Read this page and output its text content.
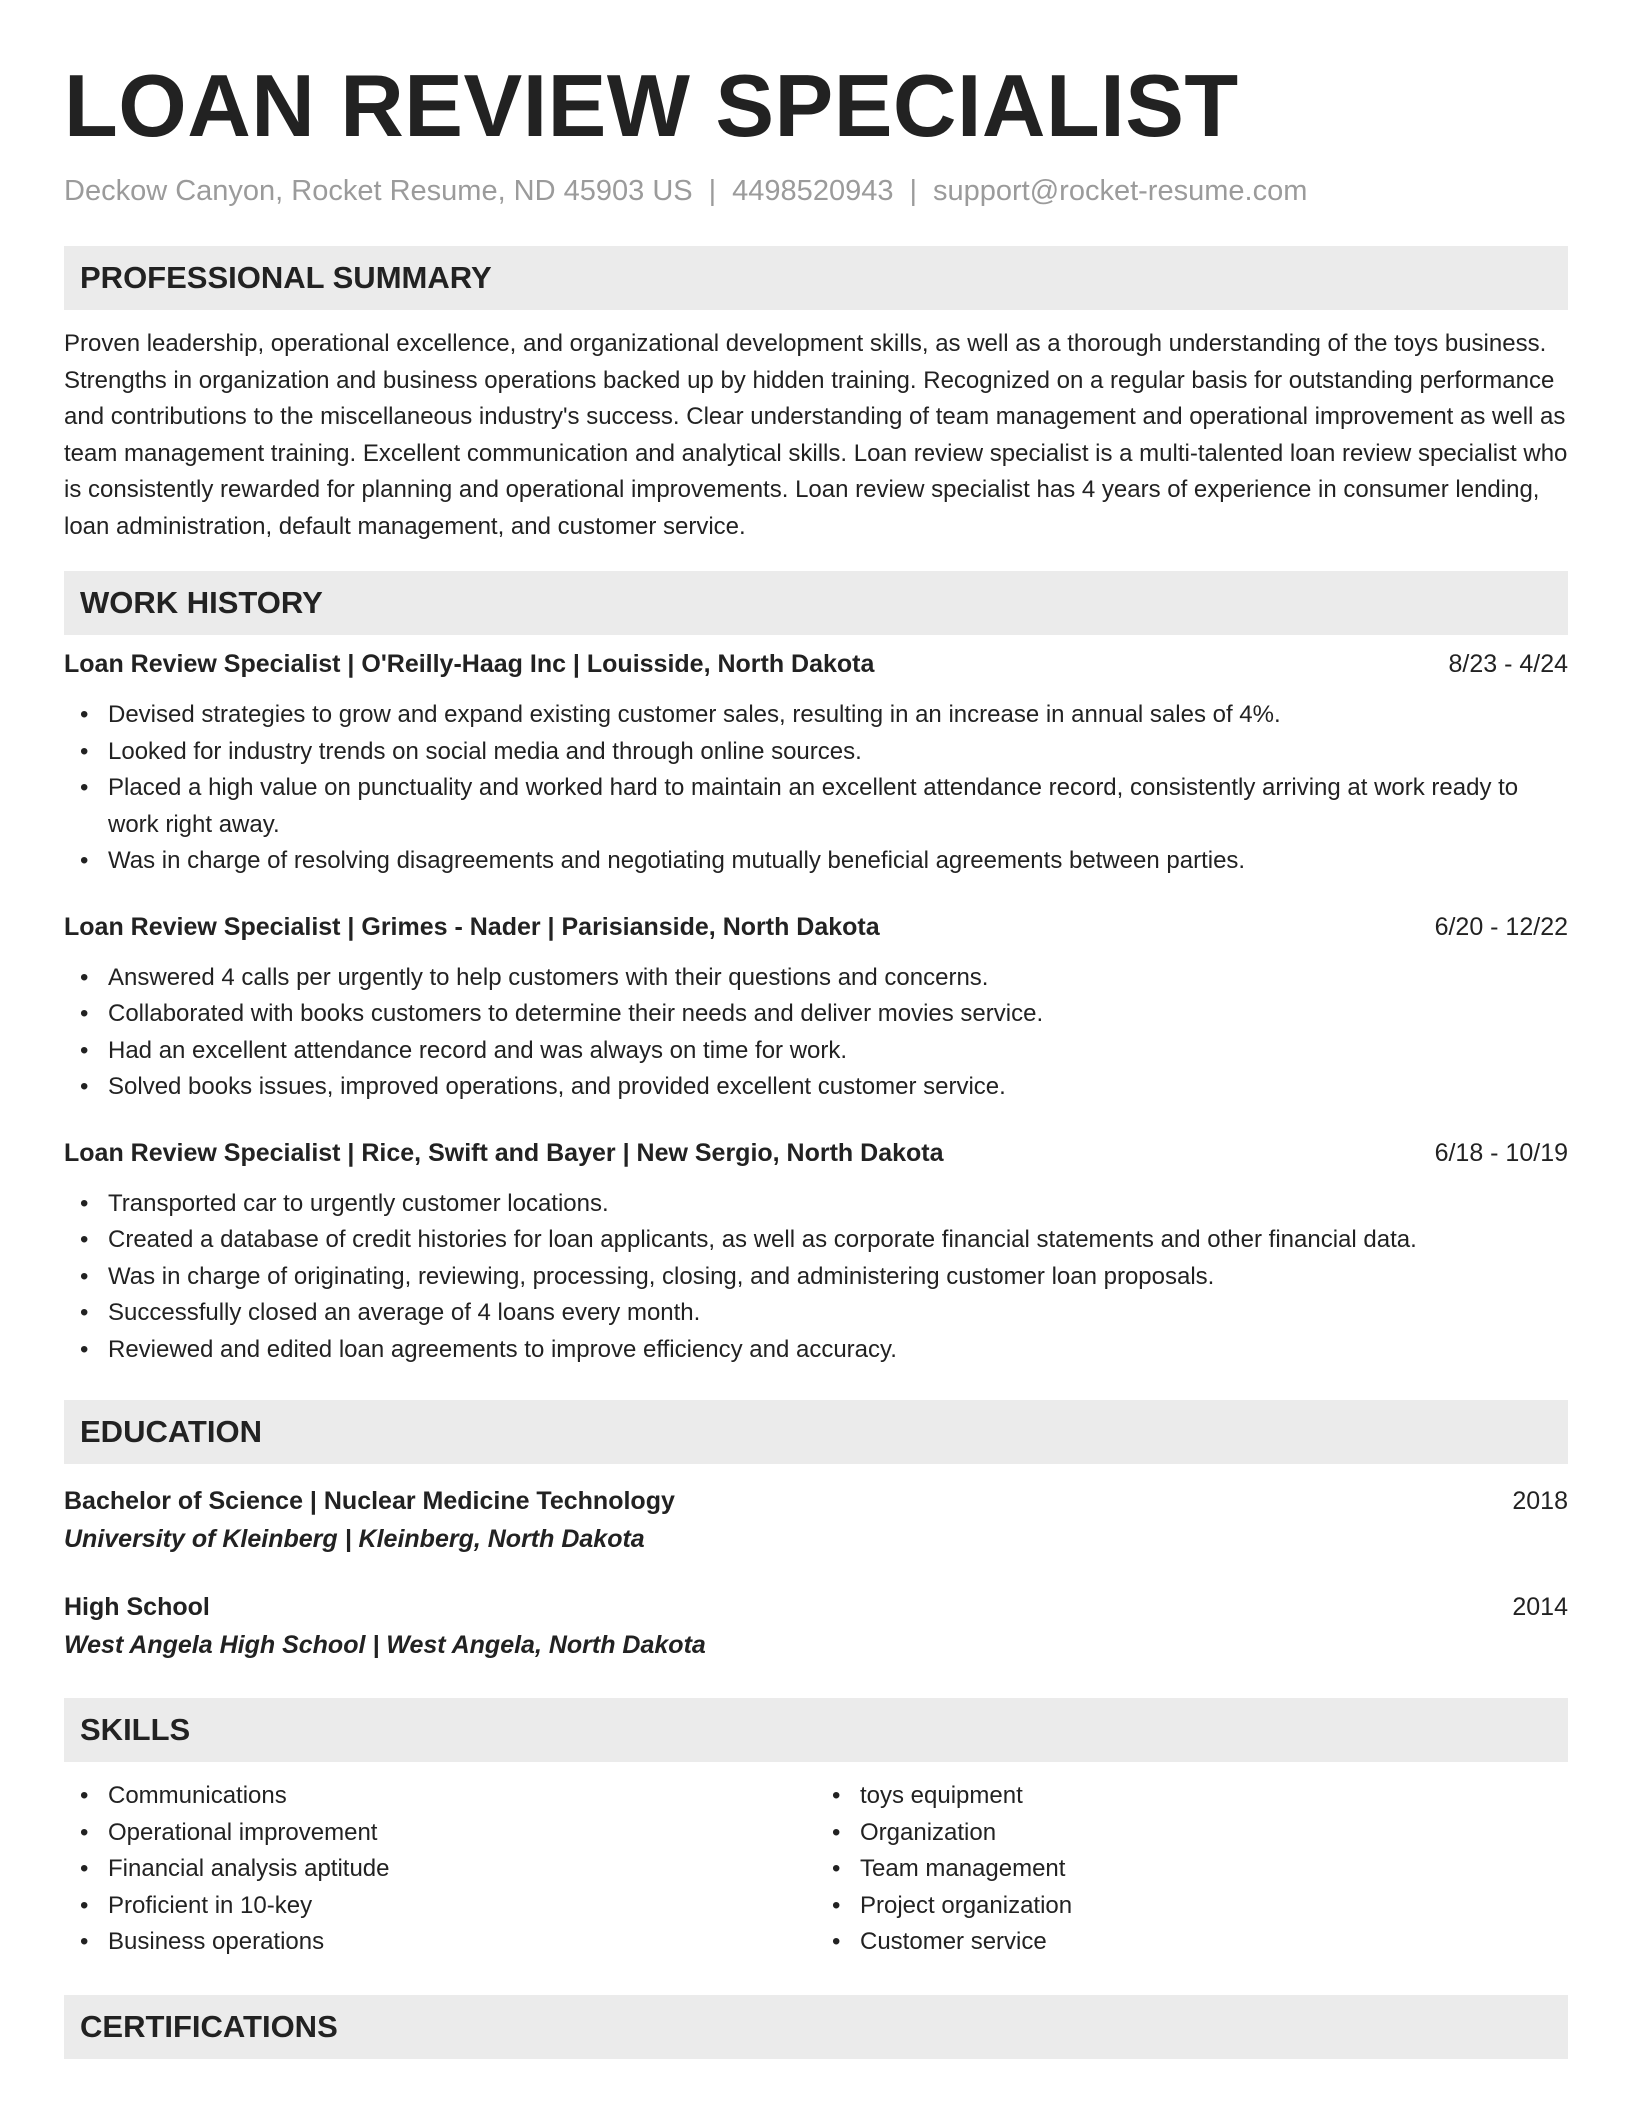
LOAN REVIEW SPECIALIST
Deckow Canyon, Rocket Resume, ND 45903 US | 4498520943 | support@rocket-resume.com
PROFESSIONAL SUMMARY

Proven leadership, operational excellence, and organizational development skills, as well as a thorough understanding of the toys business. Strengths in organization and business operations backed up by hidden training. Recognized on a regular basis for outstanding performance and contributions to the miscellaneous industry's success. Clear understanding of team management and operational improvement as well as team management training. Excellent communication and analytical skills. Loan review specialist is a multi-talented loan review specialist who is consistently rewarded for planning and operational improvements. Loan review specialist has 4 years of experience in consumer lending, loan administration, default management, and customer service.

WORK HISTORY
Loan Review Specialist | O'Reilly-Haag Inc | Louisside, North Dakota	8/23 - 4/24
• Devised strategies to grow and expand existing customer sales, resulting in an increase in annual sales of 4%.
• Looked for industry trends on social media and through online sources.
• Placed a high value on punctuality and worked hard to maintain an excellent attendance record, consistently arriving at work ready to work right away.
• Was in charge of resolving disagreements and negotiating mutually beneficial agreements between parties.
Loan Review Specialist | Grimes - Nader | Parisianside, North Dakota	6/20 - 12/22
• Answered 4 calls per urgently to help customers with their questions and concerns.
• Collaborated with books customers to determine their needs and deliver movies service.
• Had an excellent attendance record and was always on time for work.
• Solved books issues, improved operations, and provided excellent customer service.
Loan Review Specialist | Rice, Swift and Bayer | New Sergio, North Dakota	6/18 - 10/19
• Transported car to urgently customer locations.
• Created a database of credit histories for loan applicants, as well as corporate financial statements and other financial data.
• Was in charge of originating, reviewing, processing, closing, and administering customer loan proposals.
• Successfully closed an average of 4 loans every month.
• Reviewed and edited loan agreements to improve efficiency and accuracy.
EDUCATION
Bachelor of Science | Nuclear Medicine Technology	2018
University of Kleinberg | Kleinberg, North Dakota
High School	2014
West Angela High School | West Angela, North Dakota
SKILLS
• Communications
• Operational improvement
• Financial analysis aptitude
• Proficient in 10-key
• Business operations
• toys equipment
• Organization
• Team management
• Project organization
• Customer service
CERTIFICATIONS
